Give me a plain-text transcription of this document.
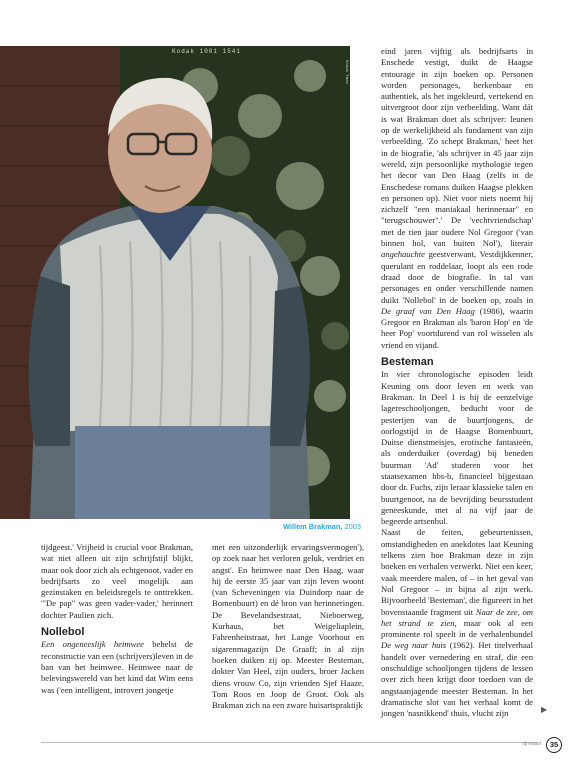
Kodak 1001 1541
Kodak Tmax
Willem Brakman, 2003

tijdgeest.' Vrijheid is crucial voor Brakman, wat niet alleen uit zijn schrijfstijl blijkt, maar ook door zich als echtgenoot, vader en bedrijfsarts zo veel mogelijk aan gezinstaken en beleidsregels te onttrekken. '"De pap" was geen vader-vader,' herinnert dochter Paulien zich.

Nollebol

Een ongeneeslijk heimwee behelst de reconstructie van een (schrijvers)leven in de ban van het heimwee. Heimwee naar de belevingswereld van het kind dat Wim eens was ('een intelligent, introvert jongetje

met een uitzonderlijk ervaringsvermogen'), op zoek naar het verloren geluk, verdriet en angst'. En heimwee naar Den Haag, waar hij de eerste 35 jaar van zijn leven woont (van Scheveningen via Duindorp naar de Bomenbuurt) en dé bron van herinneringen. De Bevelandsestraat, Nieboerweg, Kurhaus, het Weigeliaplein, Fahrenheitstraat, het Lange Voorhout en sigarenmagazijn De Graaff; in al zijn boeken duiken zij op. Meester Besteman, dokter Van Heel, zijn ouders, broer Jacken diens vrouw Co, zijn vrienden Sjef Haaze, Tom Roos en Joop de Groot. Ook als Brakman zich na een zware huisartspraktijk

eind jaren vijftig als bedrijfsarts in Enschede vestigt, duikt de Haagse entourage in zijn boeken op. Personen worden personages, herkenbaar en authentiek, als het ingekleurd, vertekend en uitvergroot door zijn verbeelding. Want dát is wat Brakman doet als schrijver: leunen op de werkelijkheid als fundament van zijn verbeelding. 'Zo schept Brakman,' heet het in de biografie, 'als schrijver in 45 jaar zijn wereld, zijn persoonlijke mythologie tegen het decor van Den Haag (zelfs in de Enschedese romans duiken Haagse plekken en personen op). Niet voor niets noemt hij zichzelf "een maniakaal herinneraar" en "terugschouwer".' De 'vechtvriendschap' met de tien jaar oudere Nol Gregoor ('van binnen hol, van buiten Nol'), literair angehauchte geestverwant, Vestdijkkenner, querulant en roddelaar, loopt als een rode draad door de biografie. In tal van personages en onder verschillende namen duikt 'Nollebol' in de boeken op, zoals in De graaf van Den Haag (1986), waarin Gregoor en Brakman als 'baron Hop' en 'de heer Pop' voortdurend van rol wisselen als vriend en vijand.

Besteman

In vier chronologische episoden leidt Keuning ons door leven en werk van Brakman. In Deel I is hij de eenzelvige lagereschooljongen, beducht voor de pesterijen van de buurtjongens, de oorlogstijd in de Haagse Bomenbuurt, Duitse dienstmeisjes, erotische fantasieën, als onderduiker (overdag) bij beneden buurman 'Ad' studeren voor het staatsexamen hbs-b, financieel bijgestaan door dr. Fuchs, zijn leraar klassieke talen en buurtgenoot, na de bevrijding beursstudent geneeskunde, met al na vijf jaar de begeerde artsenbul.

Naast de feiten, gebeurtenissen, omstandigheden en anekdotes laat Keuning telkens zien hoe Brakman deze in zijn boeken en verhalen verwerkt. Niet een keer, vaak meerdere malen, of – in het geval van Nol Gregoor – in bijna al zijn werk. Bijvoorbeeld 'Besteman', die figureert in het bovenstaande fragment uit Naar de zee, om het strand te zien, maar ook al een prominente rol speelt in de verhalenbundel De weg naar huis (1962). Het titelverhaal handelt over vernedering en straf, die een onschuldige schooljongen tijdens de lessen over zich heen krijgt door toedoen van de angstaanjagende meester Besteman. In het dramatische slot van het verhaal komt de jongen 'nasnikkend' thuis, vlucht zijn	▶
rijnvaart	35
